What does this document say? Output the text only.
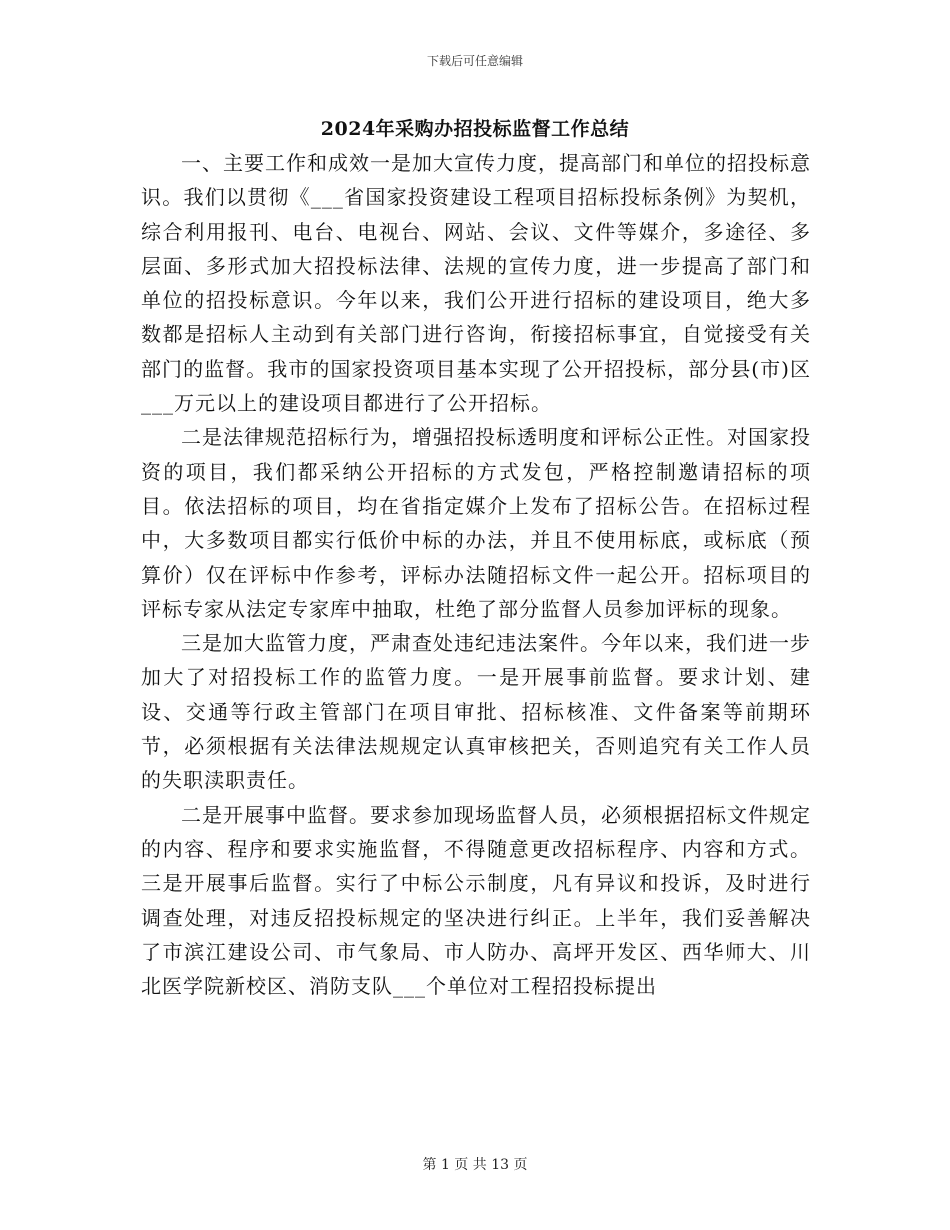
下载后可任意编辑
2024年采购办招投标监督工作总结

一、主要工作和成效一是加大宣传力度，提高部门和单位的招投标意识。我们以贯彻《___省国家投资建设工程项目招标投标条例》为契机，综合利用报刊、电台、电视台、网站、会议、文件等媒介，多途径、多层面、多形式加大招投标法律、法规的宣传力度，进一步提高了部门和单位的招投标意识。今年以来，我们公开进行招标的建设项目，绝大多数都是招标人主动到有关部门进行咨询，衔接招标事宜，自觉接受有关部门的监督。我市的国家投资项目基本实现了公开招投标，部分县(市)区___万元以上的建设项目都进行了公开招标。

二是法律规范招标行为，增强招投标透明度和评标公正性。对国家投资的项目，我们都采纳公开招标的方式发包，严格控制邀请招标的项目。依法招标的项目，均在省指定媒介上发布了招标公告。在招标过程中，大多数项目都实行低价中标的办法，并且不使用标底，或标底（预算价）仅在评标中作参考，评标办法随招标文件一起公开。招标项目的评标专家从法定专家库中抽取，杜绝了部分监督人员参加评标的现象。

三是加大监管力度，严肃查处违纪违法案件。今年以来，我们进一步加大了对招投标工作的监管力度。一是开展事前监督。要求计划、建设、交通等行政主管部门在项目审批、招标核准、文件备案等前期环节，必须根据有关法律法规规定认真审核把关，否则追究有关工作人员的失职渎职责任。

二是开展事中监督。要求参加现场监督人员，必须根据招标文件规定的内容、程序和要求实施监督，不得随意更改招标程序、内容和方式。三是开展事后监督。实行了中标公示制度，凡有异议和投诉，及时进行调查处理，对违反招投标规定的坚决进行纠正。上半年，我们妥善解决了市滨江建设公司、市气象局、市人防办、高坪开发区、西华师大、川北医学院新校区、消防支队___个单位对工程招投标提出

第 1 页 共 13 页
